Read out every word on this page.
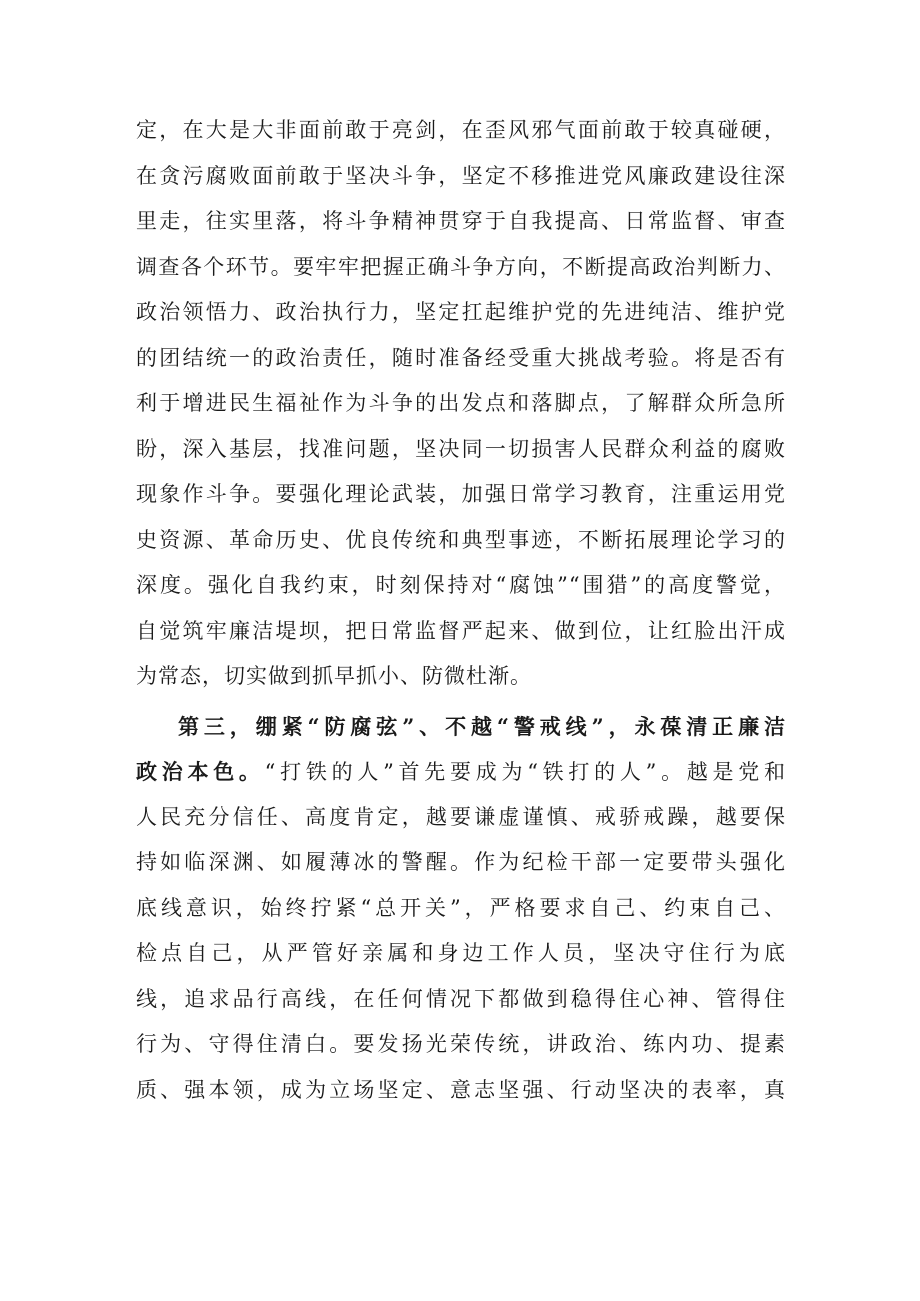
定，在大是大非面前敢于亮剑，在歪风邪气面前敢于较真碰硬，
在贪污腐败面前敢于坚决斗争，坚定不移推进党风廉政建设往深
里走，往实里落，将斗争精神贯穿于自我提高、日常监督、审查
调查各个环节。要牢牢把握正确斗争方向，不断提高政治判断力、
政治领悟力、政治执行力，坚定扛起维护党的先进纯洁、维护党
的团结统一的政治责任，随时准备经受重大挑战考验。将是否有
利于增进民生福祉作为斗争的出发点和落脚点，了解群众所急所
盼，深入基层，找准问题，坚决同一切损害人民群众利益的腐败
现象作斗争。要强化理论武装，加强日常学习教育，注重运用党
史资源、革命历史、优良传统和典型事迹，不断拓展理论学习的
深度。强化自我约束，时刻保持对“腐蚀”“围猎”的高度警觉，
自觉筑牢廉洁堤坝，把日常监督严起来、做到位，让红脸出汗成
为常态，切实做到抓早抓小、防微杜渐。
第三，绷紧“防腐弦”、不越“警戒线”，永葆清正廉洁
政治本色。“打铁的人”首先要成为“铁打的人”。越是党和
人民充分信任、高度肯定，越要谦虚谨慎、戒骄戒躁，越要保
持如临深渊、如履薄冰的警醒。作为纪检干部一定要带头强化
底线意识，始终拧紧“总开关”，严格要求自己、约束自己、
检点自己，从严管好亲属和身边工作人员，坚决守住行为底
线，追求品行高线，在任何情况下都做到稳得住心神、管得住
行为、守得住清白。要发扬光荣传统，讲政治、练内功、提素
质、强本领，成为立场坚定、意志坚强、行动坚决的表率，真
